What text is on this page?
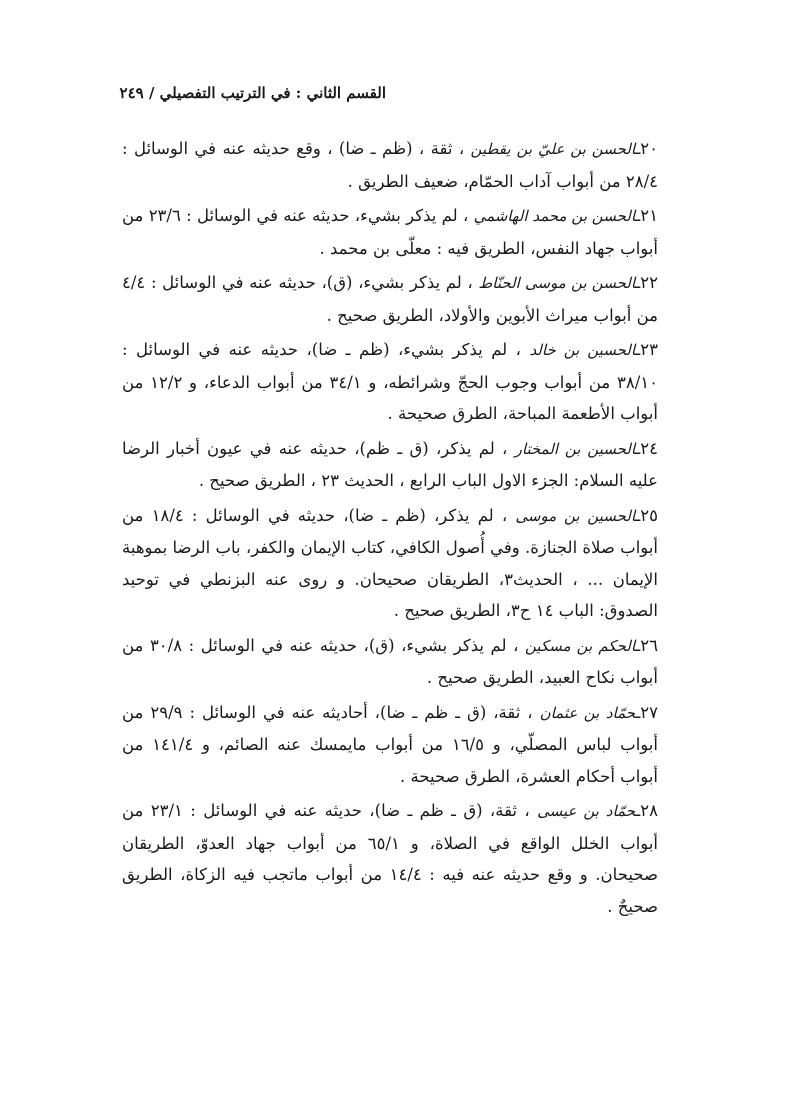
القسم الثاني : في الترتيب التفصيلي / ٢٤٩
٢٠ـالحسن بن عليّ بن يقطين ، ثقة ، (ظم ـ ضا) ، وقع حديثه عنه في الوسائل : ٢٨/٤ من أبواب آداب الحمّام، ضعيف الطريق .
٢١ـالحسن بن محمد الهاشمي ، لم يذكر بشيء، حديثه عنه في الوسائل : ٢٣/٦ من أبواب جهاد النفس، الطريق فيه : معلّى بن محمد .
٢٢ـالحسن بن موسى الحنّاط ، لم يذكر بشيء، (ق)، حديثه عنه في الوسائل : ٤/٤ من أبواب ميراث الأبوين والأولاد، الطريق صحيح .
٢٣ـالحسين بن خالد ، لم يذكر بشيء، (ظم ـ ضا)، حديثه عنه في الوسائل : ٣٨/١٠ من أبواب وجوب الحجّ وشرائطه، و ٣٤/١ من أبواب الدعاء، و ١٢/٢ من أبواب الأطعمة المباحة، الطرق صحيحة .
٢٤ـالحسين بن المختار ، لم يذكر، (ق ـ ظم)، حديثه عنه في عيون أخبار الرضا عليه السلام: الجزء الاول الباب الرابع ، الحديث ٢٣ ، الطريق صحيح .
٢٥ـالحسين بن موسى ، لم يذكر، (ظم ـ ضا)، حديثه في الوسائل : ١٨/٤ من أبواب صلاة الجنازة. وفي أُصول الكافي، كتاب الإيمان والكفر، باب الرضا بموهبة الإيمان ... ، الحديث٣، الطريقان صحيحان. و روى عنه البزنطي في توحيد الصدوق: الباب ١٤ ح٣، الطريق صحيح .
٢٦ـالحكم بن مسكين ، لم يذكر بشيء، (ق)، حديثه عنه في الوسائل : ٣٠/٨ من أبواب نكاح العبيد، الطريق صحيح .
٢٧ـحمّاد بن عثمان ، ثقة، (ق ـ ظم ـ ضا)، أحاديثه عنه في الوسائل : ٢٩/٩ من أبواب لباس المصلّي، و ١٦/٥ من أبواب مايمسك عنه الصائم، و ١٤١/٤ من أبواب أحكام العشرة، الطرق صحيحة .
٢٨ـحمّاد بن عيسى ، ثقة، (ق ـ ظم ـ ضا)، حديثه عنه في الوسائل : ٢٣/١ من أبواب الخلل الواقع في الصلاة، و ٦٥/١ من أبواب جهاد العدوّ، الطريقان صحيحان. و وقع حديثه عنه فيه : ١٤/٤ من أبواب ماتجب فيه الزكاة، الطريق صحيحٌ .
